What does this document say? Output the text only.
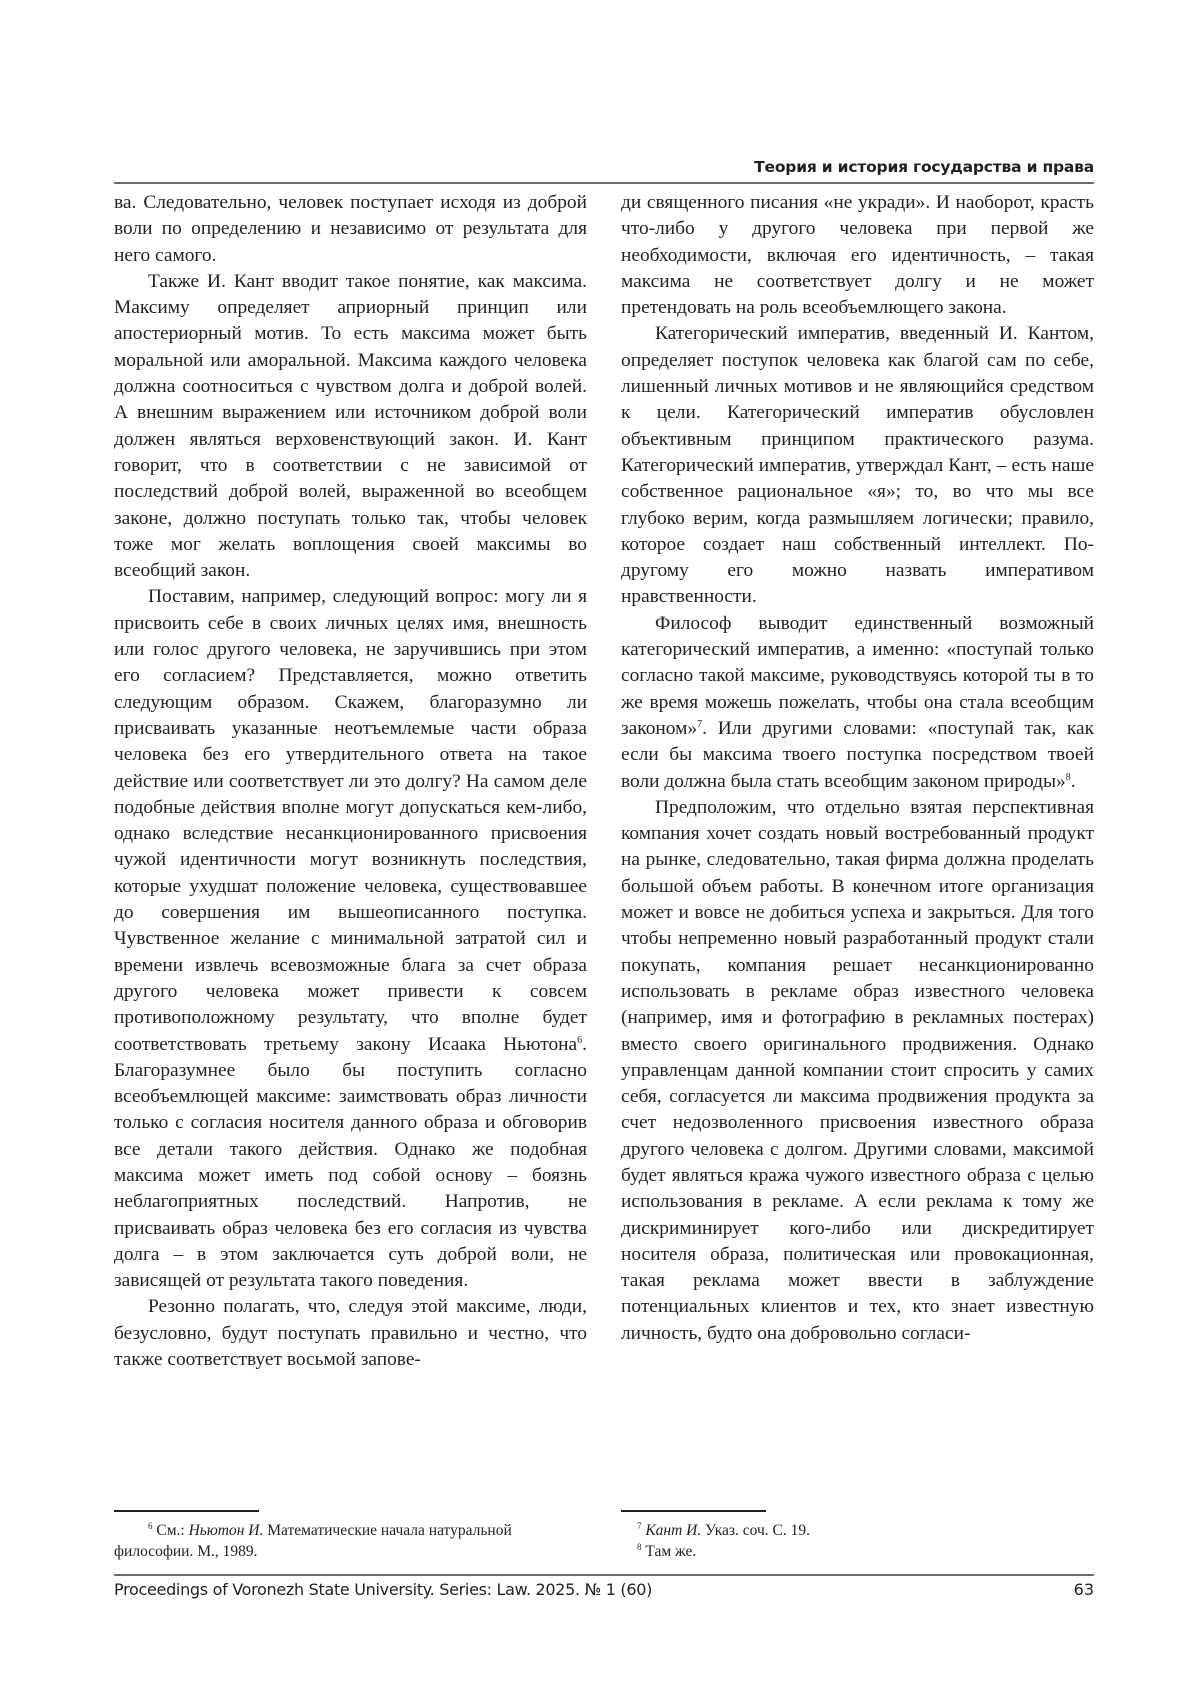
Теория и история государства и права

ва. Следовательно, человек поступает исходя из доброй воли по определению и независимо от результата для него самого.

Также И. Кант вводит такое понятие, как максима. Максиму определяет априорный принцип или апостериорный мотив. То есть максима может быть моральной или аморальной. Максима каждого человека должна соотноситься с чувством долга и доброй волей. А внешним выражением или источником доброй воли должен являться верховенствующий закон. И. Кант говорит, что в соответствии с не зависимой от последствий доброй волей, выраженной во всеобщем законе, должно поступать только так, чтобы человек тоже мог желать воплощения своей максимы во всеобщий закон.

Поставим, например, следующий вопрос: могу ли я присвоить себе в своих личных целях имя, внешность или голос другого человека, не заручившись при этом его согласием? Представляется, можно ответить следующим образом. Скажем, благоразумно ли присваивать указанные неотъемлемые части образа человека без его утвердительного ответа на такое действие или соответствует ли это долгу? На самом деле подобные действия вполне могут допускаться кем-либо, однако вследствие несанкционированного присвоения чужой идентичности могут возникнуть последствия, которые ухудшат положение человека, существовавшее до совершения им вышеописанного поступка. Чувственное желание с минимальной затратой сил и времени извлечь всевозможные блага за счет образа другого человека может привести к совсем противоположному результату, что вполне будет соответствовать третьему закону Исаака Ньютона$^6$. Благоразумнее было бы поступить согласно всеобъемлющей максиме: заимствовать образ личности только с согласия носителя данного образа и обговорив все детали такого действия. Однако же подобная максима может иметь под собой основу – боязнь неблагоприятных последствий. Напротив, не присваивать образ человека без его согласия из чувства долга – в этом заключается суть доброй воли, не зависящей от результата такого поведения.

Резонно полагать, что, следуя этой максиме, люди, безусловно, будут поступать правильно и честно, что также соответствует восьмой запове-

ди священного писания «не укради». И наоборот, красть что-либо у другого человека при первой же необходимости, включая его идентичность, – такая максима не соответствует долгу и не может претендовать на роль всеобъемлющего закона.

Категорический императив, введенный И. Кантом, определяет поступок человека как благой сам по себе, лишенный личных мотивов и не являющийся средством к цели. Категорический императив обусловлен объективным принципом практического разума. Категорический императив, утверждал Кант, – есть наше собственное рациональное «я»; то, во что мы все глубоко верим, когда размышляем логически; правило, которое создает наш собственный интеллект. По-другому его можно назвать императивом нравственности.

Философ выводит единственный возможный категорический императив, а именно: «поступай только согласно такой максиме, руководствуясь которой ты в то же время можешь пожелать, чтобы она стала всеобщим законом»$^7$. Или другими словами: «поступай так, как если бы максима твоего поступка посредством твоей воли должна была стать всеобщим законом природы»$^8$.

Предположим, что отдельно взятая перспективная компания хочет создать новый востребованный продукт на рынке, следовательно, такая фирма должна проделать большой объем работы. В конечном итоге организация может и вовсе не добиться успеха и закрыться. Для того чтобы непременно новый разработанный продукт стали покупать, компания решает несанкционированно использовать в рекламе образ известного человека (например, имя и фотографию в рекламных постерах) вместо своего оригинального продвижения. Однако управленцам данной компании стоит спросить у самих себя, согласуется ли максима продвижения продукта за счет недозволенного присвоения известного образа другого человека с долгом. Другими словами, максимой будет являться кража чужого известного образа с целью использования в рекламе. А если реклама к тому же дискриминирует кого-либо или дискредитирует носителя образа, политическая или провокационная, такая реклама может ввести в заблуждение потенциальных клиентов и тех, кто знает известную личность, будто она добровольно согласи-

$^6$ См.: Ньютон И. Математические начала натуральной философии. М., 1989.

$^7$ Кант И. Указ. соч. С. 19.

$^8$ Там же.

Proceedings of Voronezh State University. Series: Law. 2025. № 1 (60)	63
